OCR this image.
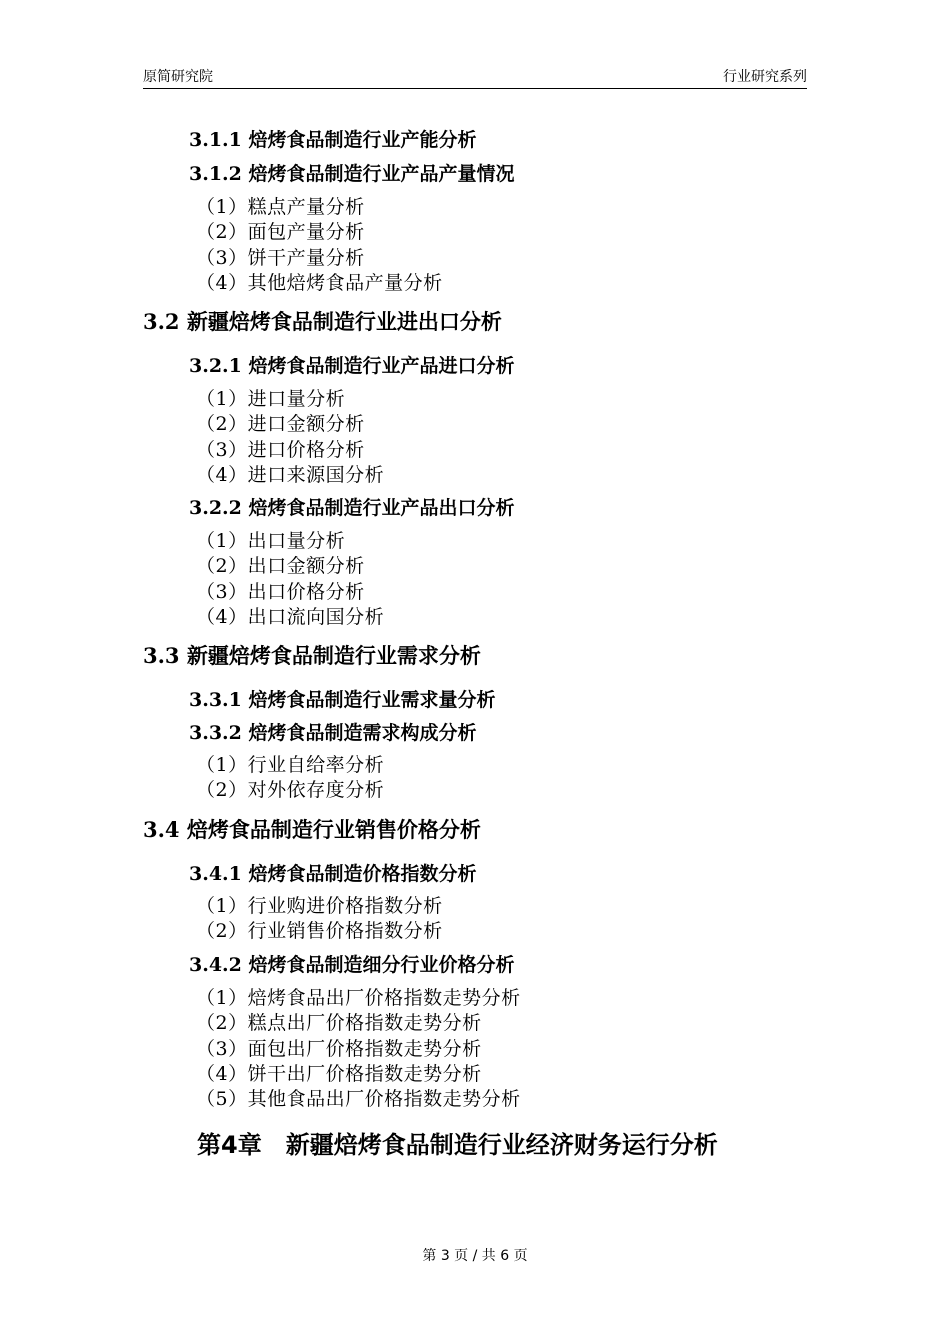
原简研究院	行业研究系列
3.1.1 焙烤食品制造行业产能分析
3.1.2 焙烤食品制造行业产品产量情况
（1）糕点产量分析
（2）面包产量分析
（3）饼干产量分析
（4）其他焙烤食品产量分析
3.2 新疆焙烤食品制造行业进出口分析
3.2.1 焙烤食品制造行业产品进口分析
（1）进口量分析
（2）进口金额分析
（3）进口价格分析
（4）进口来源国分析
3.2.2 焙烤食品制造行业产品出口分析
（1）出口量分析
（2）出口金额分析
（3）出口价格分析
（4）出口流向国分析
3.3 新疆焙烤食品制造行业需求分析
3.3.1 焙烤食品制造行业需求量分析
3.3.2 焙烤食品制造需求构成分析
（1）行业自给率分析
（2）对外依存度分析
3.4 焙烤食品制造行业销售价格分析
3.4.1 焙烤食品制造价格指数分析
（1）行业购进价格指数分析
（2）行业销售价格指数分析
3.4.2 焙烤食品制造细分行业价格分析
（1）焙烤食品出厂价格指数走势分析
（2）糕点出厂价格指数走势分析
（3）面包出厂价格指数走势分析
（4）饼干出厂价格指数走势分析
（5）其他食品出厂价格指数走势分析
第4章　新疆焙烤食品制造行业经济财务运行分析
第 3 页 / 共 6 页
